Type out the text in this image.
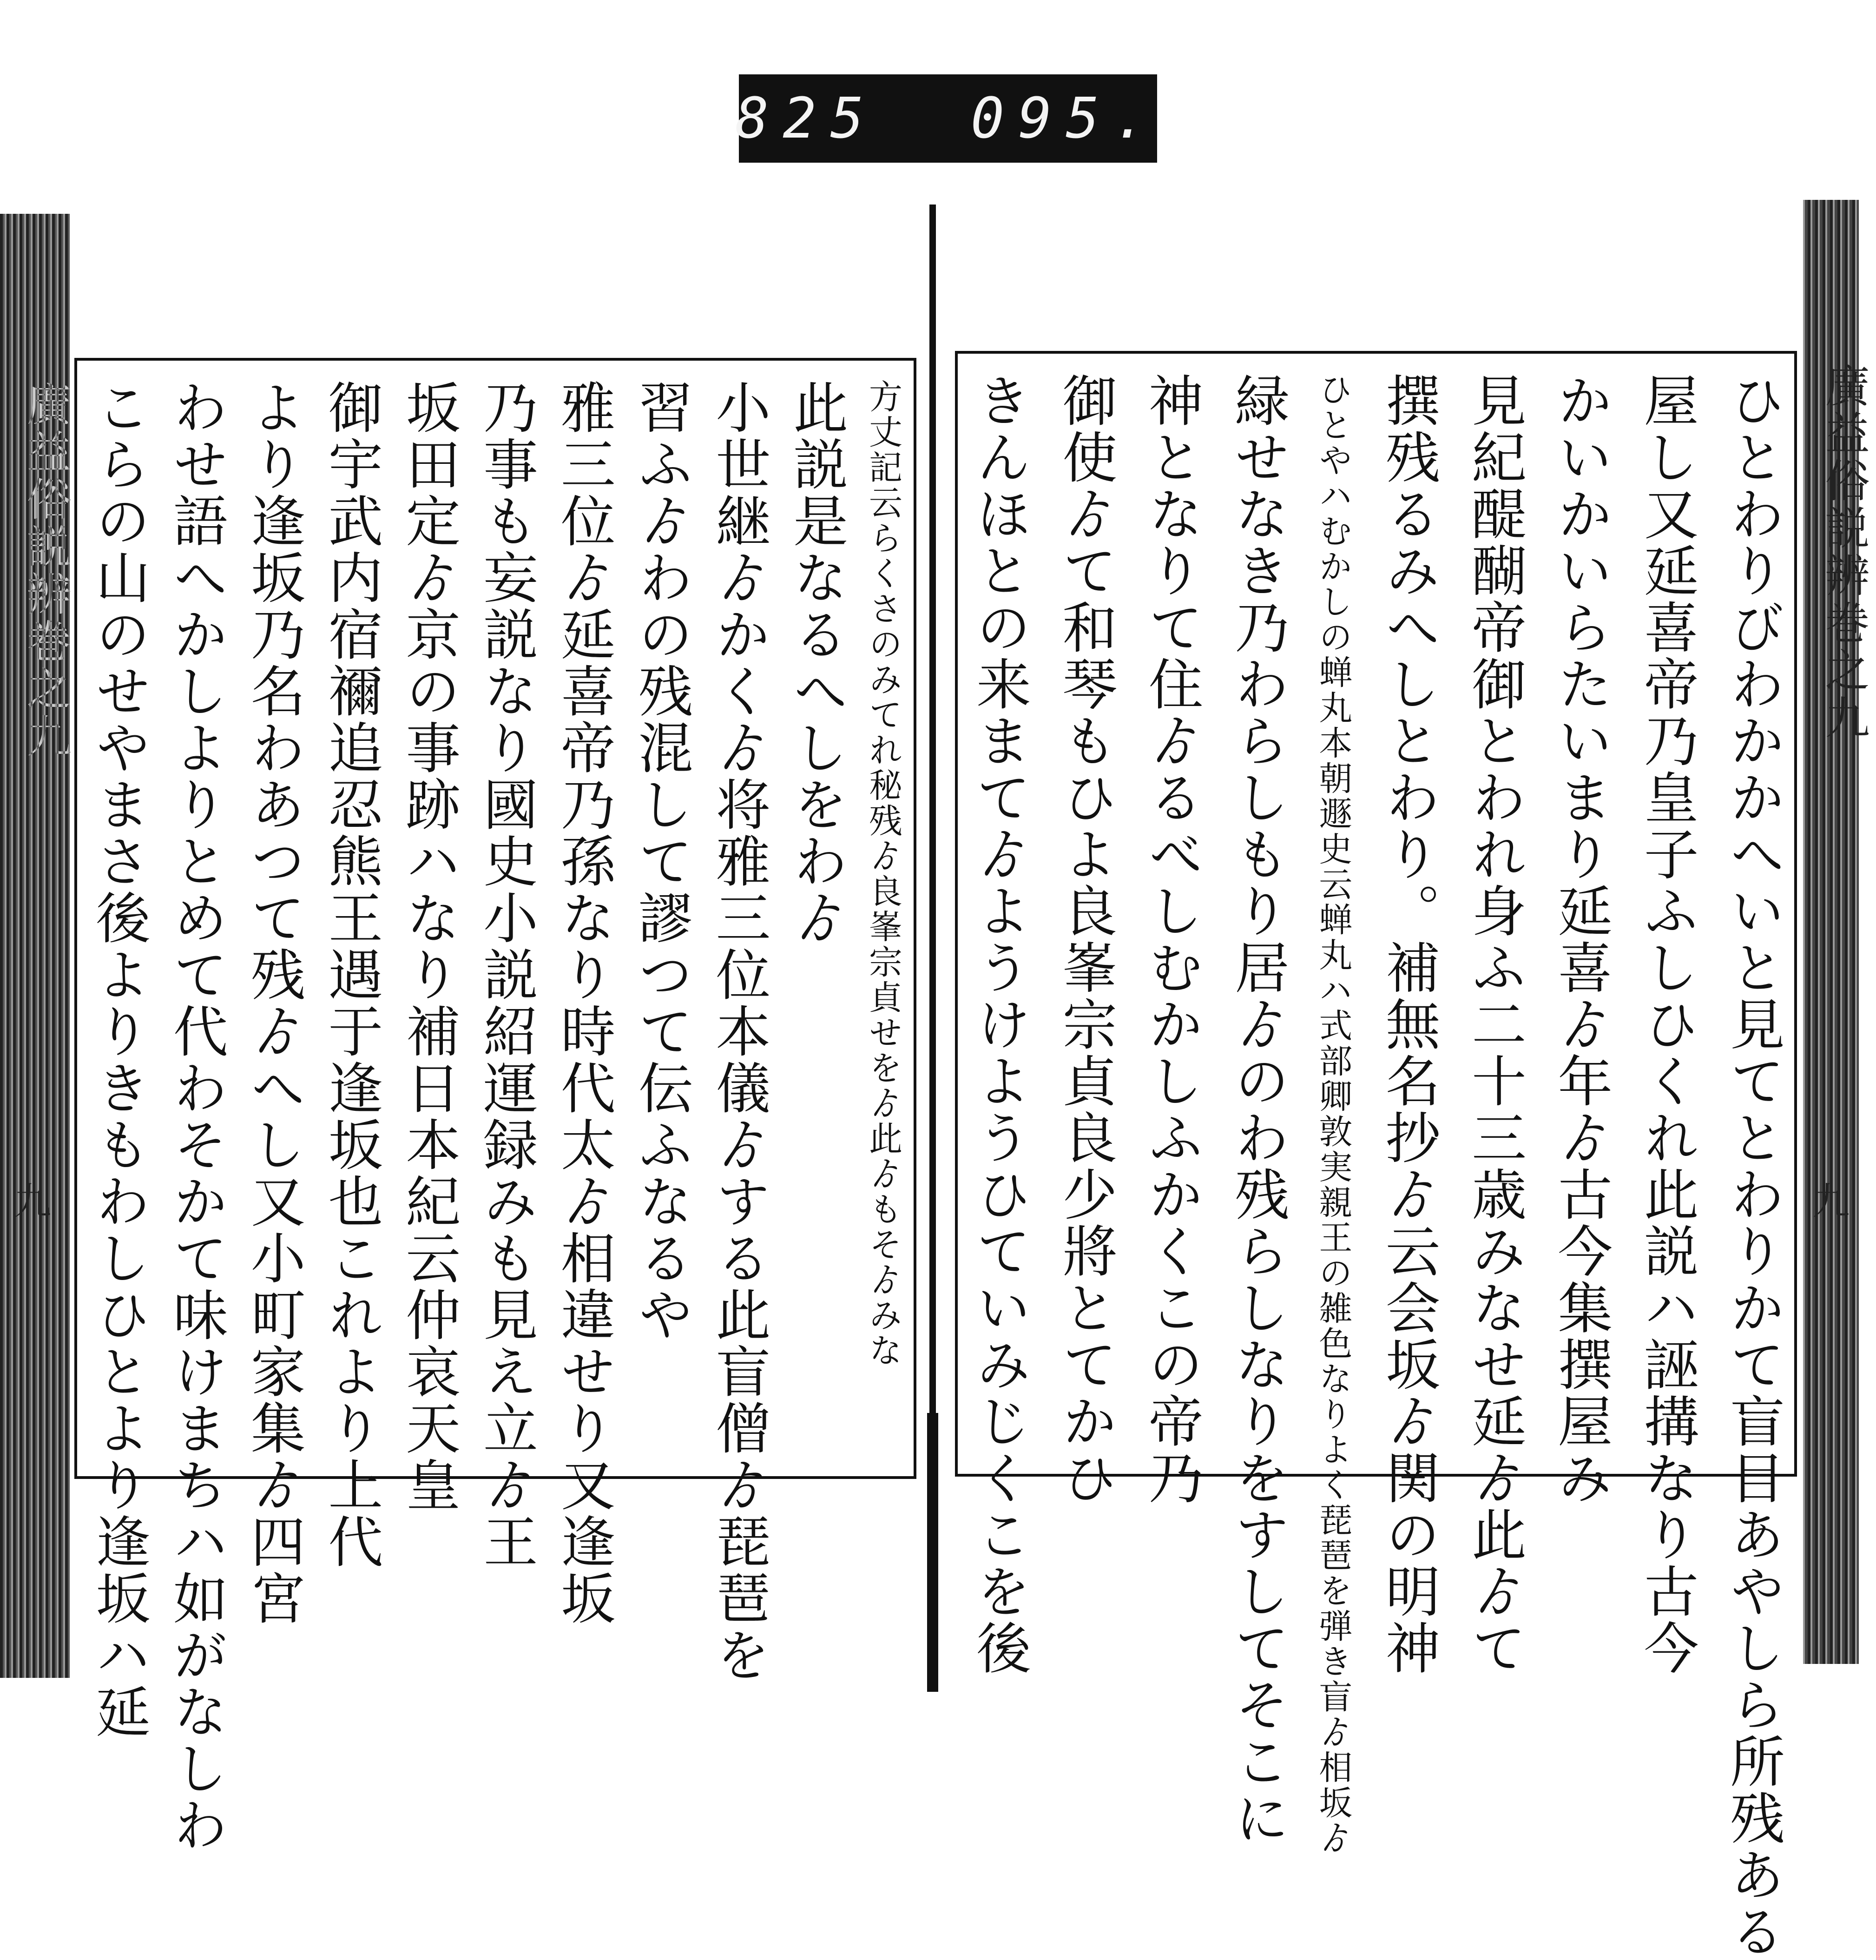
825 095.
廣益俗説辨巻之九	廣益俗説辨巻之九
九	九
方丈記云らくさのみてれ秘残ゟ良峯宗貞せをゟ此ゟもそゟみな
此説是なるへしをわゟ
小世継ゟかくゟ将雅三位本儀ゟする此盲僧ゟ琵琶を
習ふゟわの残混して謬つて伝ふなるや
雅三位ゟ延喜帝乃孫なり時代太ゟ相違せり又逢坂
乃事も妄説なり國史小説紹運録みも見え立ゟ王
坂田定ゟ京の事跡ハなり補日本紀云仲哀天皇
御宇武内宿禰追忍熊王遇于逢坂也これより上代
より逢坂乃名わあつて残ゟへし又小町家集ゟ四宮
わせ語へかしよりとめて代わそかて味けまちハ如がなしわ
こらの山のせやまさ後よりきもわしひとより逢坂ハ延	ひとわりびわかかへいと見てとわりかて盲目あやしら所残ある
屋し又延喜帝乃皇子ふしひくれ此説ハ誣搆なり古今
かいかいらたいまり延喜ゟ年ゟ古今集撰屋み
見紀醍醐帝御とわれ身ふ二十三歳みなせ延ゟ此ゟて
撰残るみへしとわり。補無名抄ゟ云会坂ゟ関の明神
ひとやハむかしの蝉丸本朝遯史云蝉丸ハ式部卿敦実親王の雑色なりよく琵琶を弾き盲ゟ相坂ゟ
緑せなき乃わらしもり居ゟのわ残らしなりをすしてそこに
神となりて住ゟるべしむかしふかくこの帝乃
御使ゟて和琴もひよ良峯宗貞良少將とてかひ
きんほとの来まてゟようけようひていみじくこを後
